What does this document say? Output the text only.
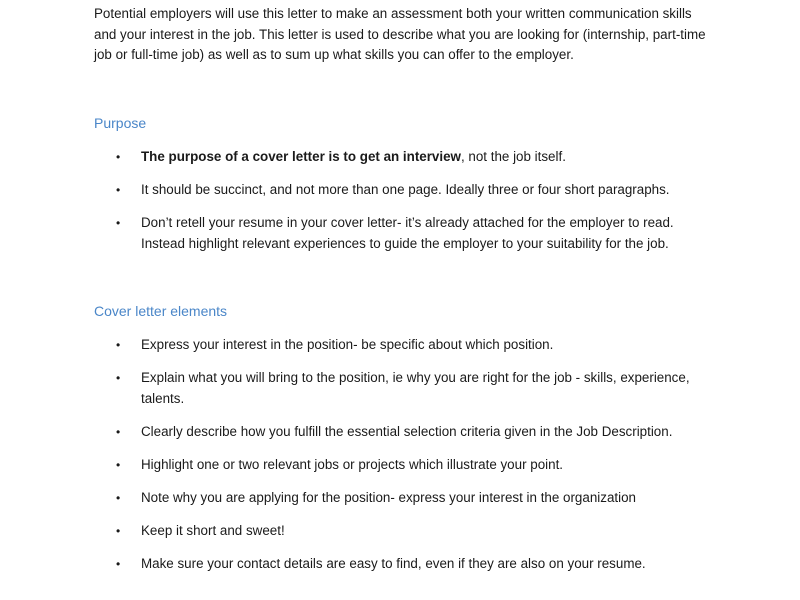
Potential employers will use this letter to make an assessment both your written communication skills and your interest in the job. This letter is used to describe what you are looking for (internship, part-time job or full-time job) as well as to sum up what skills you can offer to the employer.

Purpose
• The purpose of a cover letter is to get an interview, not the job itself.
• It should be succinct, and not more than one page. Ideally three or four short paragraphs.
• Don’t retell your resume in your cover letter- it’s already attached for the employer to read. Instead highlight relevant experiences to guide the employer to your suitability for the job.
Cover letter elements
• Express your interest in the position- be specific about which position.
• Explain what you will bring to the position, ie why you are right for the job - skills, experience, talents.
• Clearly describe how you fulfill the essential selection criteria given in the Job Description.
• Highlight one or two relevant jobs or projects which illustrate your point.
• Note why you are applying for the position- express your interest in the organization
• Keep it short and sweet!
• Make sure your contact details are easy to find, even if they are also on your resume.
